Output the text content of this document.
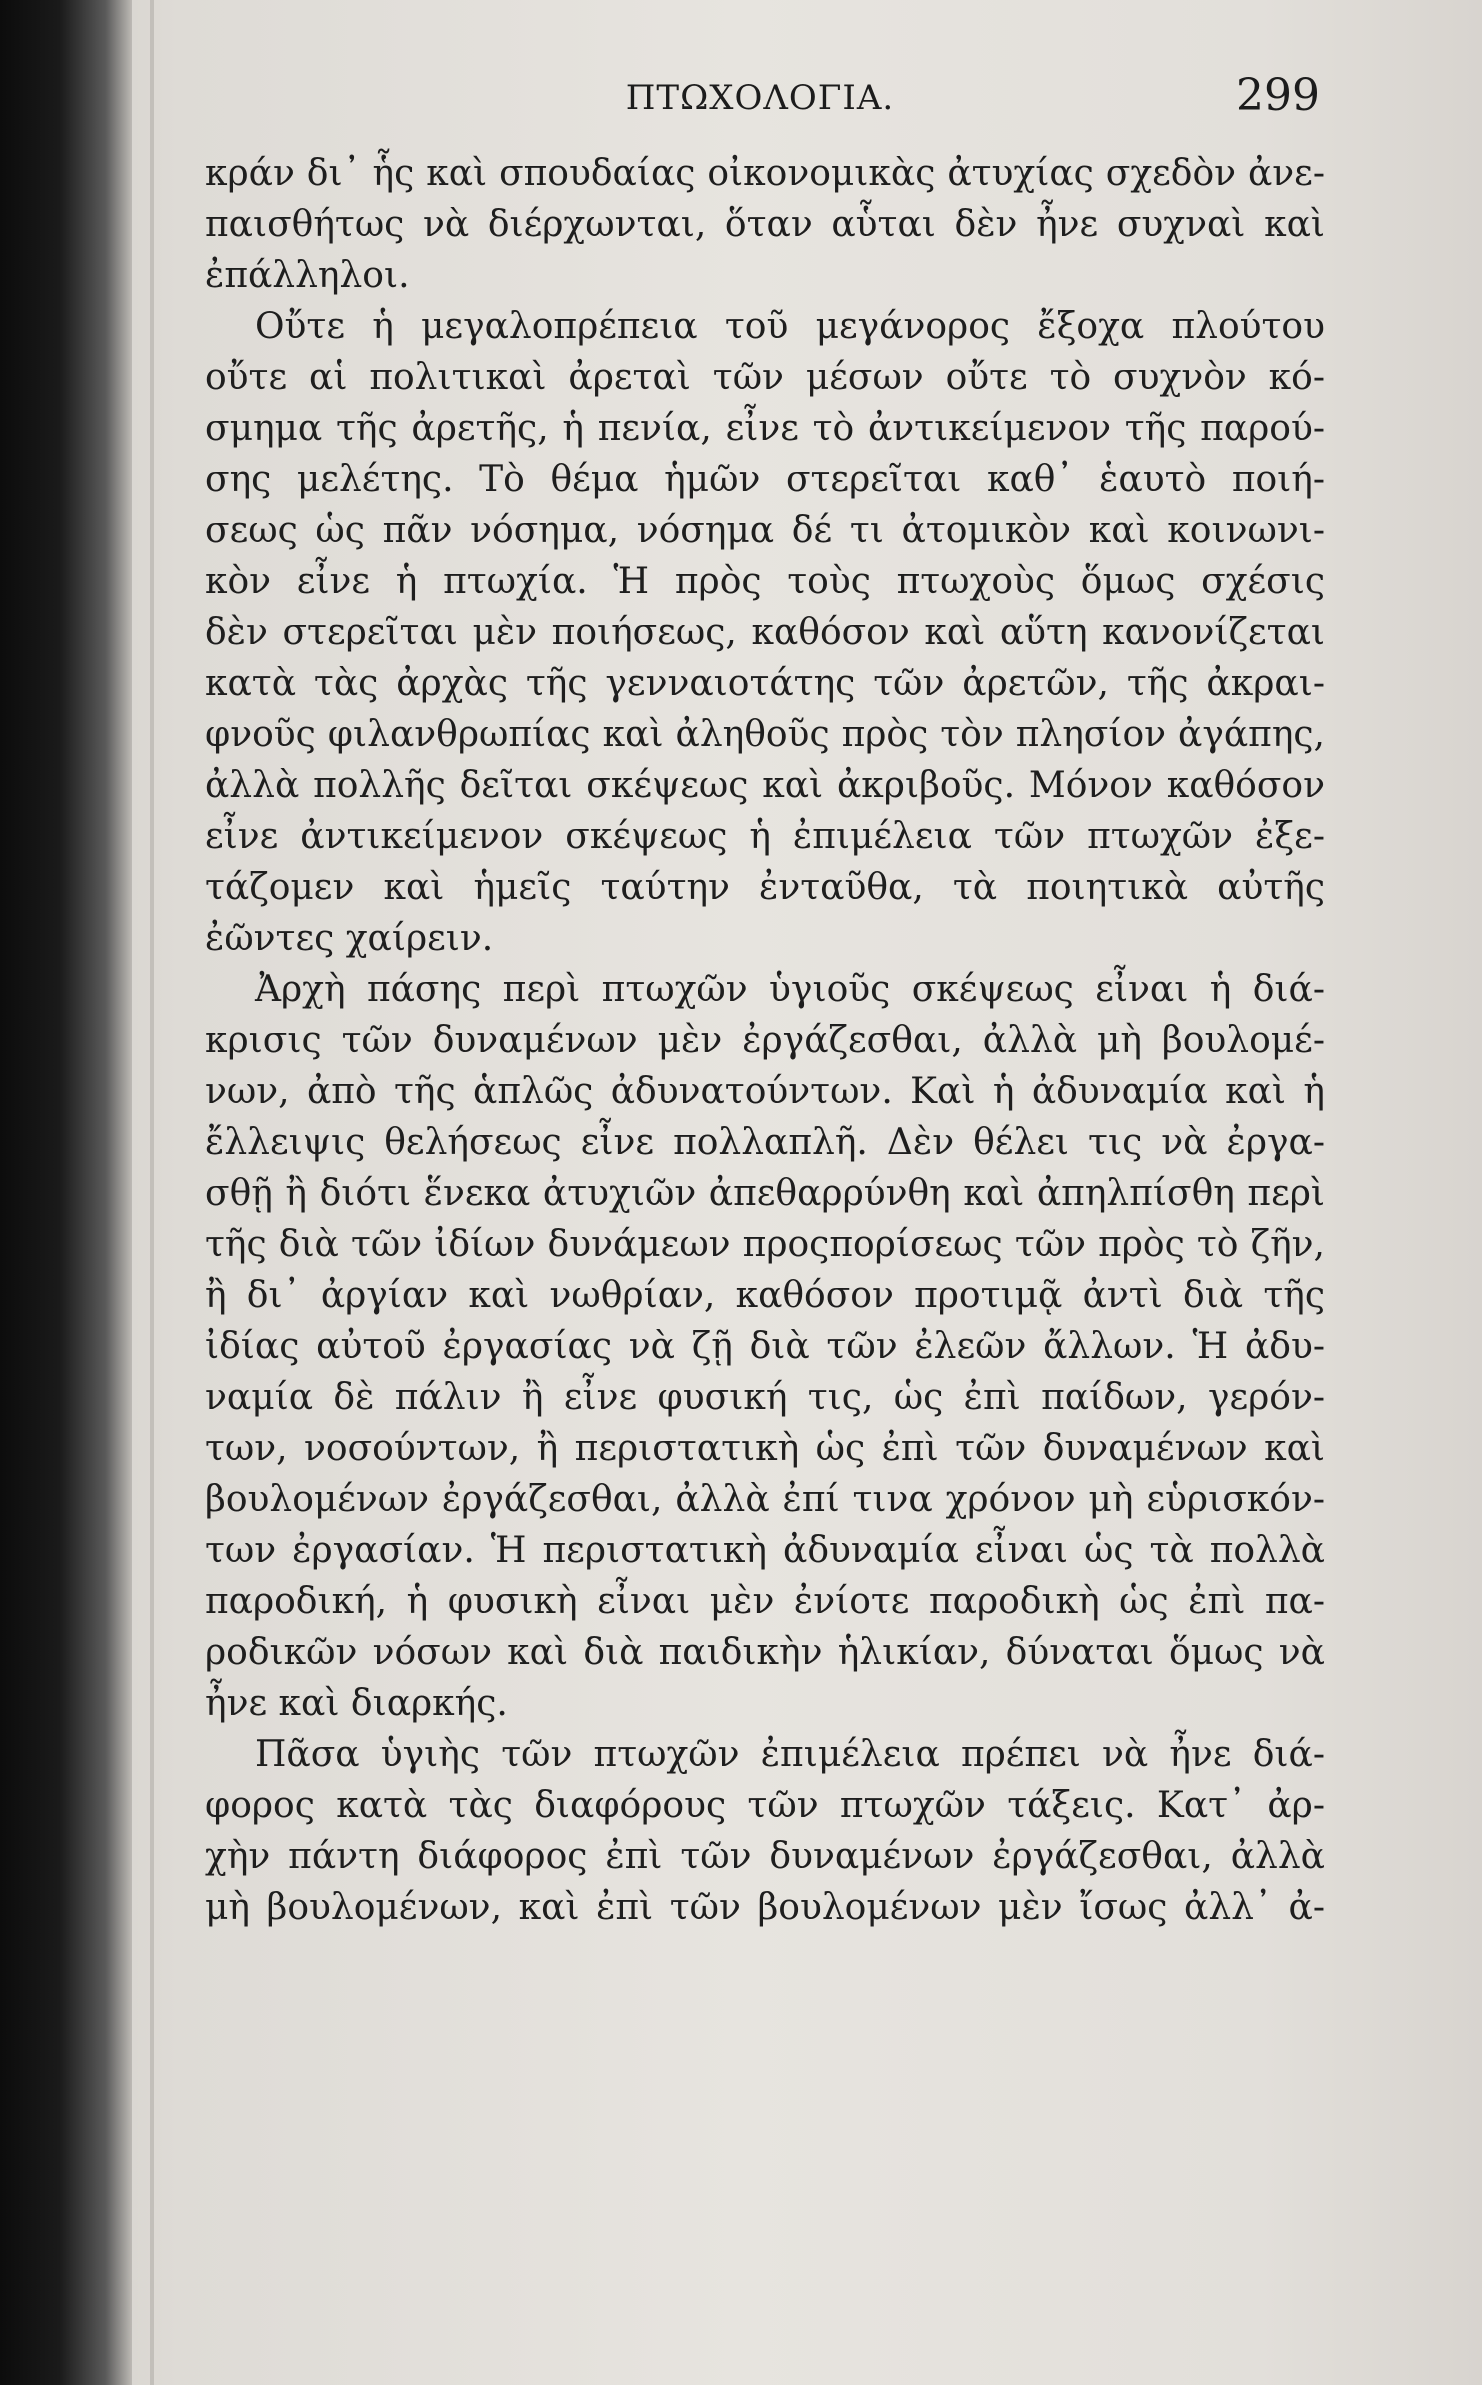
ΠΤΩΧΟΛΟΓΙΑ.	299
κράν δι᾽ ἧς καὶ σπουδαίας οἰκονομικὰς ἀτυχίας σχεδὸν ἀνε-
παισθήτως νὰ διέρχωνται, ὅταν αὗται δὲν ἦνε συχναὶ καὶ
ἐπάλληλοι.
Οὔτε ἡ μεγαλοπρέπεια τοῦ μεγάνορος ἔξοχα πλούτου
οὔτε αἱ πολιτικαὶ ἀρεταὶ τῶν μέσων οὔτε τὸ συχνὸν κό-
σμημα τῆς ἀρετῆς, ἡ πενία, εἶνε τὸ ἀντικείμενον τῆς παρού-
σης μελέτης. Τὸ θέμα ἡμῶν στερεῖται καθ᾽ ἑαυτὸ ποιή-
σεως ὡς πᾶν νόσημα, νόσημα δέ τι ἀτομικὸν καὶ κοινωνι-
κὸν εἶνε ἡ πτωχία. Ἡ πρὸς τοὺς πτωχοὺς ὅμως σχέσις
δὲν στερεῖται μὲν ποιήσεως, καθόσον καὶ αὕτη κανονίζεται
κατὰ τὰς ἀρχὰς τῆς γενναιοτάτης τῶν ἀρετῶν, τῆς ἀκραι-
φνοῦς φιλανθρωπίας καὶ ἀληθοῦς πρὸς τὸν πλησίον ἀγάπης,
ἀλλὰ πολλῆς δεῖται σκέψεως καὶ ἀκριβοῦς. Μόνον καθόσον
εἶνε ἀντικείμενον σκέψεως ἡ ἐπιμέλεια τῶν πτωχῶν ἐξε-
τάζομεν καὶ ἡμεῖς ταύτην ἐνταῦθα, τὰ ποιητικὰ αὐτῆς
ἐῶντες χαίρειν.
Ἀρχὴ πάσης περὶ πτωχῶν ὑγιοῦς σκέψεως εἶναι ἡ διά-
κρισις τῶν δυναμένων μὲν ἐργάζεσθαι, ἀλλὰ μὴ βουλομέ-
νων, ἀπὸ τῆς ἁπλῶς ἀδυνατούντων. Καὶ ἡ ἀδυναμία καὶ ἡ
ἔλλειψις θελήσεως εἶνε πολλαπλῆ. Δὲν θέλει τις νὰ ἐργα-
σθῇ ἢ διότι ἕνεκα ἀτυχιῶν ἀπεθαρρύνθη καὶ ἀπηλπίσθη περὶ
τῆς διὰ τῶν ἰδίων δυνάμεων προςπορίσεως τῶν πρὸς τὸ ζῆν,
ἢ δι᾽ ἀργίαν καὶ νωθρίαν, καθόσον προτιμᾷ ἀντὶ διὰ τῆς
ἰδίας αὐτοῦ ἐργασίας νὰ ζῇ διὰ τῶν ἐλεῶν ἄλλων. Ἡ ἀδυ-
ναμία δὲ πάλιν ἢ εἶνε φυσική τις, ὡς ἐπὶ παίδων, γερόν-
των, νοσούντων, ἢ περιστατικὴ ὡς ἐπὶ τῶν δυναμένων καὶ
βουλομένων ἐργάζεσθαι, ἀλλὰ ἐπί τινα χρόνον μὴ εὑρισκόν-
των ἐργασίαν. Ἡ περιστατικὴ ἀδυναμία εἶναι ὡς τὰ πολλὰ
παροδική, ἡ φυσικὴ εἶναι μὲν ἐνίοτε παροδικὴ ὡς ἐπὶ πα-
ροδικῶν νόσων καὶ διὰ παιδικὴν ἡλικίαν, δύναται ὅμως νὰ
ἦνε καὶ διαρκής.
Πᾶσα ὑγιὴς τῶν πτωχῶν ἐπιμέλεια πρέπει νὰ ἦνε διά-
φορος κατὰ τὰς διαφόρους τῶν πτωχῶν τάξεις. Κατ᾽ ἀρ-
χὴν πάντη διάφορος ἐπὶ τῶν δυναμένων ἐργάζεσθαι, ἀλλὰ
μὴ βουλομένων, καὶ ἐπὶ τῶν βουλομένων μὲν ἴσως ἀλλ᾽ ἀ-
